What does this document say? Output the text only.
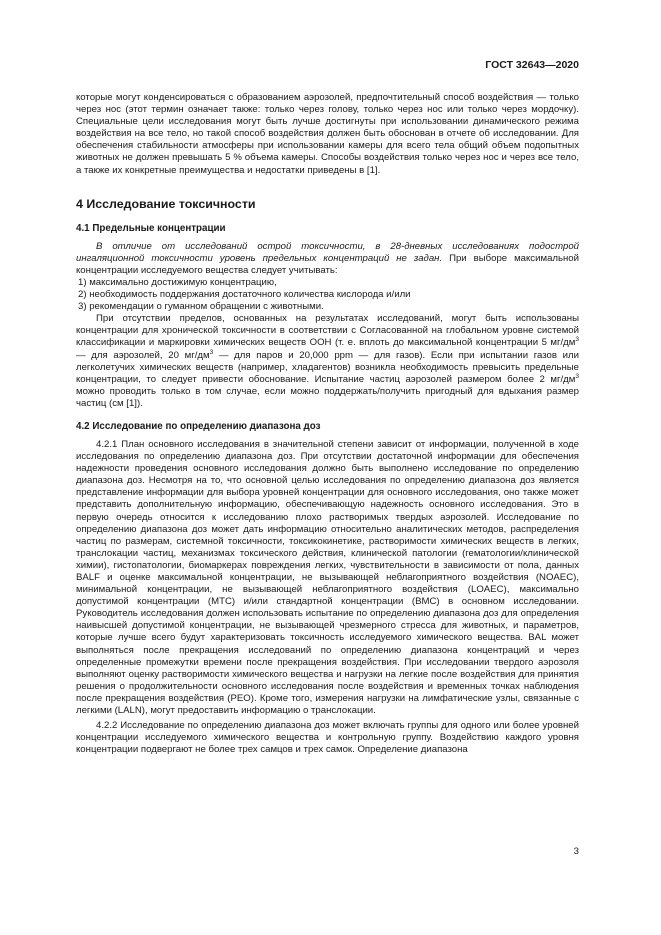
ГОСТ 32643—2020

которые могут конденсироваться с образованием аэрозолей, предпочтительный способ воздействия — только через нос (этот термин означает также: только через голову, только через нос или только через мордочку). Специальные цели исследования могут быть лучше достигнуты при использовании динамического режима воздействия на все тело, но такой способ воздействия должен быть обоснован в отчете об исследовании. Для обеспечения стабильности атмосферы при использовании камеры для всего тела общий объем подопытных животных не должен превышать 5 % объема камеры. Способы воздействия только через нос и через все тело, а также их конкретные преимущества и недостатки приведены в [1].

4 Исследование токсичности
4.1 Предельные концентрации

В отличие от исследований острой токсичности, в 28-дневных исследованиях подострой ингаляционной токсичности уровень предельных концентраций не задан. При выборе максимальной концентрации исследуемого вещества следует учитывать:

1) максимально достижимую концентрацию,

2) необходимость поддержания достаточного количества кислорода и/или

3) рекомендации о гуманном обращении с животными.

При отсутствии пределов, основанных на результатах исследований, могут быть использованы концентрации для хронической токсичности в соответствии с Согласованной на глобальном уровне системой классификации и маркировки химических веществ ООН (т. е. вплоть до максимальной концентрации 5 $мг/дм^3$ — для аэрозолей, 20 $мг/дм^3$ — для паров и 20,000 ppm — для газов). Если при испытании газов или легколетучих химических веществ (например, хладагентов) возникла необходимость превысить предельные концентрации, то следует привести обоснование. Испытание частиц аэрозолей размером более 2 $мг/дм^3$ можно проводить только в том случае, если можно поддержать/получить пригодный для вдыхания размер частиц (см [1]).

4.2 Исследование по определению диапазона доз

4.2.1 План основного исследования в значительной степени зависит от информации, полученной в ходе исследования по определению диапазона доз. При отсутствии достаточной информации для обеспечения надежности проведения основного исследования должно быть выполнено исследование по определению диапазона доз. Несмотря на то, что основной целью исследования по определению диапазона доз является представление информации для выбора уровней концентрации для основного исследования, оно также может представить дополнительную информацию, обеспечивающую надежность основного исследования. Это в первую очередь относится к исследованию плохо растворимых твердых аэрозолей. Исследование по определению диапазона доз может дать информацию относительно аналитических методов, распределения частиц по размерам, системной токсичности, токсикокинетике, растворимости химических веществ в легких, транслокации частиц, механизмах токсического действия, клинической патологии (гематологии/клинической химии), гистопатологии, биомаркерах повреждения легких, чувствительности в зависимости от пола, данных BALF и оценке максимальной концентрации, не вызывающей неблагоприятного воздействия (NOAEC), минимальной концентрации, не вызывающей неблагоприятного воздействия (LOAEC), максимально допустимой концентрации (MTC) и/или стандартной концентрации (BMC) в основном исследовании. Руководитель исследования должен использовать испытание по определению диапазона доз для определения наивысшей допустимой концентрации, не вызывающей чрезмерного стресса для животных, и параметров, которые лучше всего будут характеризовать токсичность исследуемого химического вещества. BAL может выполняться после прекращения исследований по определению диапазона концентраций и через определенные промежутки времени после прекращения воздействия. При исследовании твердого аэрозоля выполняют оценку растворимости химического вещества и нагрузки на легкие после воздействия для принятия решения о продолжительности основного исследования после воздействия и временных точках наблюдения после прекращения воздействия (PEO). Кроме того, измерения нагрузки на лимфатические узлы, связанные с легкими (LALN), могут предоставить информацию о транслокации.

4.2.2 Исследование по определению диапазона доз может включать группы для одного или более уровней концентрации исследуемого химического вещества и контрольную группу. Воздействию каждого уровня концентрации подвергают не более трех самцов и трех самок. Определение диапазона

3
